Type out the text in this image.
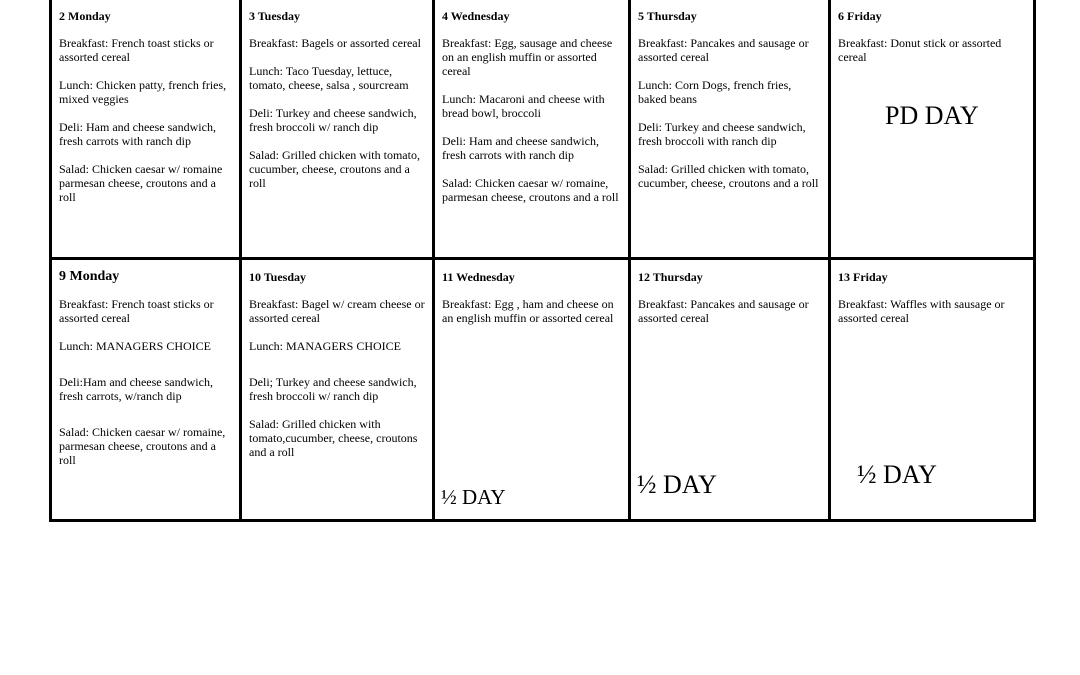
2 Monday
Breakfast: French toast sticks or assorted cereal
Lunch: Chicken patty, french fries, mixed veggies
Deli: Ham and cheese sandwich, fresh carrots with ranch dip
Salad: Chicken caesar w/ romaine parmesan cheese, croutons and a roll
3 Tuesday
Breakfast: Bagels or assorted cereal
Lunch: Taco Tuesday, lettuce, tomato, cheese, salsa , sourcream
Deli: Turkey and cheese sandwich, fresh broccoli w/ ranch dip
Salad: Grilled chicken with tomato, cucumber, cheese, croutons and a roll
4 Wednesday
Breakfast: Egg, sausage and cheese on an english muffin or assorted cereal
Lunch: Macaroni and cheese with bread bowl, broccoli
Deli: Ham and cheese sandwich, fresh carrots with ranch dip
Salad: Chicken caesar w/ romaine, parmesan cheese, croutons and a roll
5 Thursday
Breakfast: Pancakes and sausage or assorted cereal
Lunch: Corn Dogs, french fries, baked beans
Deli: Turkey and cheese sandwich, fresh broccoli with ranch dip
Salad: Grilled chicken with tomato, cucumber, cheese, croutons and a roll
6 Friday
Breakfast: Donut stick or assorted cereal
PD DAY
9 Monday
Breakfast: French toast sticks or assorted cereal
Lunch: MANAGERS CHOICE
Deli:Ham and cheese sandwich, fresh carrots, w/ranch dip
Salad: Chicken caesar w/ romaine, parmesan cheese, croutons and a roll
10 Tuesday
Breakfast: Bagel w/ cream cheese or assorted cereal
Lunch: MANAGERS CHOICE
Deli; Turkey and cheese sandwich, fresh broccoli w/ ranch dip
Salad: Grilled chicken with tomato,cucumber, cheese, croutons and a roll
11 Wednesday
Breakfast: Egg , ham and cheese on an english muffin or assorted cereal
½ DAY
12 Thursday
Breakfast: Pancakes and sausage or assorted cereal
½ DAY
13 Friday
Breakfast: Waffles with sausage or assorted cereal
½ DAY
